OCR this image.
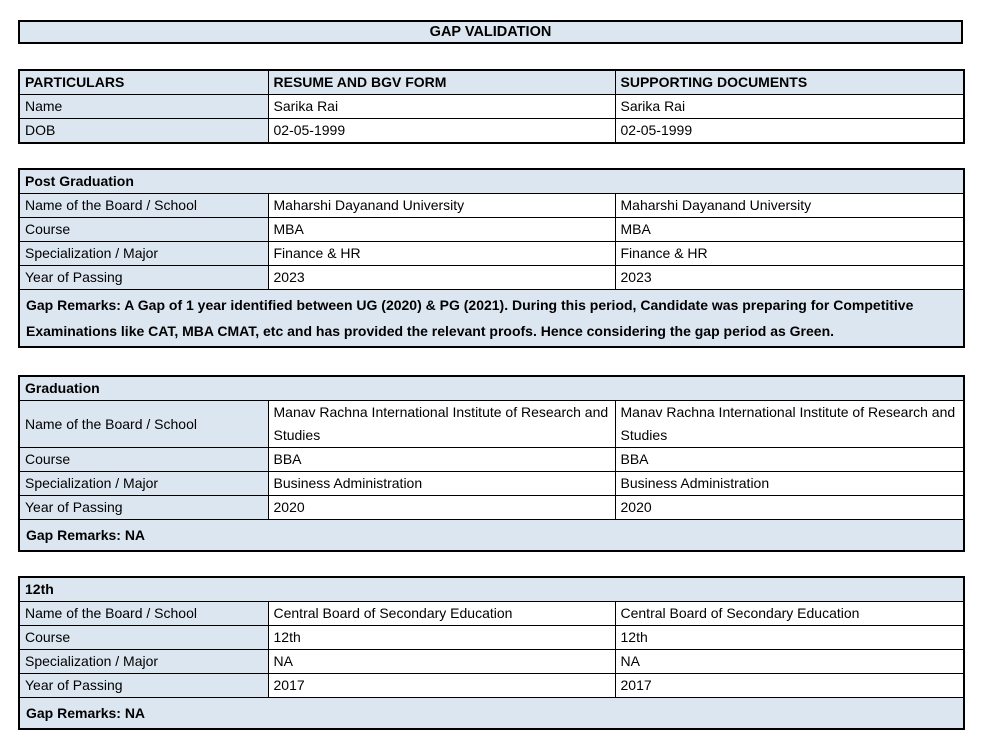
GAP VALIDATION
PARTICULARS	RESUME AND BGV FORM	SUPPORTING DOCUMENTS
Name	Sarika Rai	Sarika Rai
DOB	02-05-1999	02-05-1999
Post Graduation		
Name of the Board / School	Maharshi Dayanand University	Maharshi Dayanand University
Course	MBA	MBA
Specialization / Major	Finance & HR	Finance & HR
Year of Passing	2023	2023
Gap Remarks: A Gap of 1 year identified between UG (2020) & PG (2021). During this period, Candidate was preparing for Competitive Examinations like CAT, MBA CMAT, etc and has provided the relevant proofs. Hence considering the gap period as Green.		
Graduation		
Name of the Board / School	Manav Rachna International Institute of Research and Studies	Manav Rachna International Institute of Research and Studies
Course	BBA	BBA
Specialization / Major	Business Administration	Business Administration
Year of Passing	2020	2020
Gap Remarks: NA		
12th		
Name of the Board / School	Central Board of Secondary Education	Central Board of Secondary Education
Course	12th	12th
Specialization / Major	NA	NA
Year of Passing	2017	2017
Gap Remarks: NA		
